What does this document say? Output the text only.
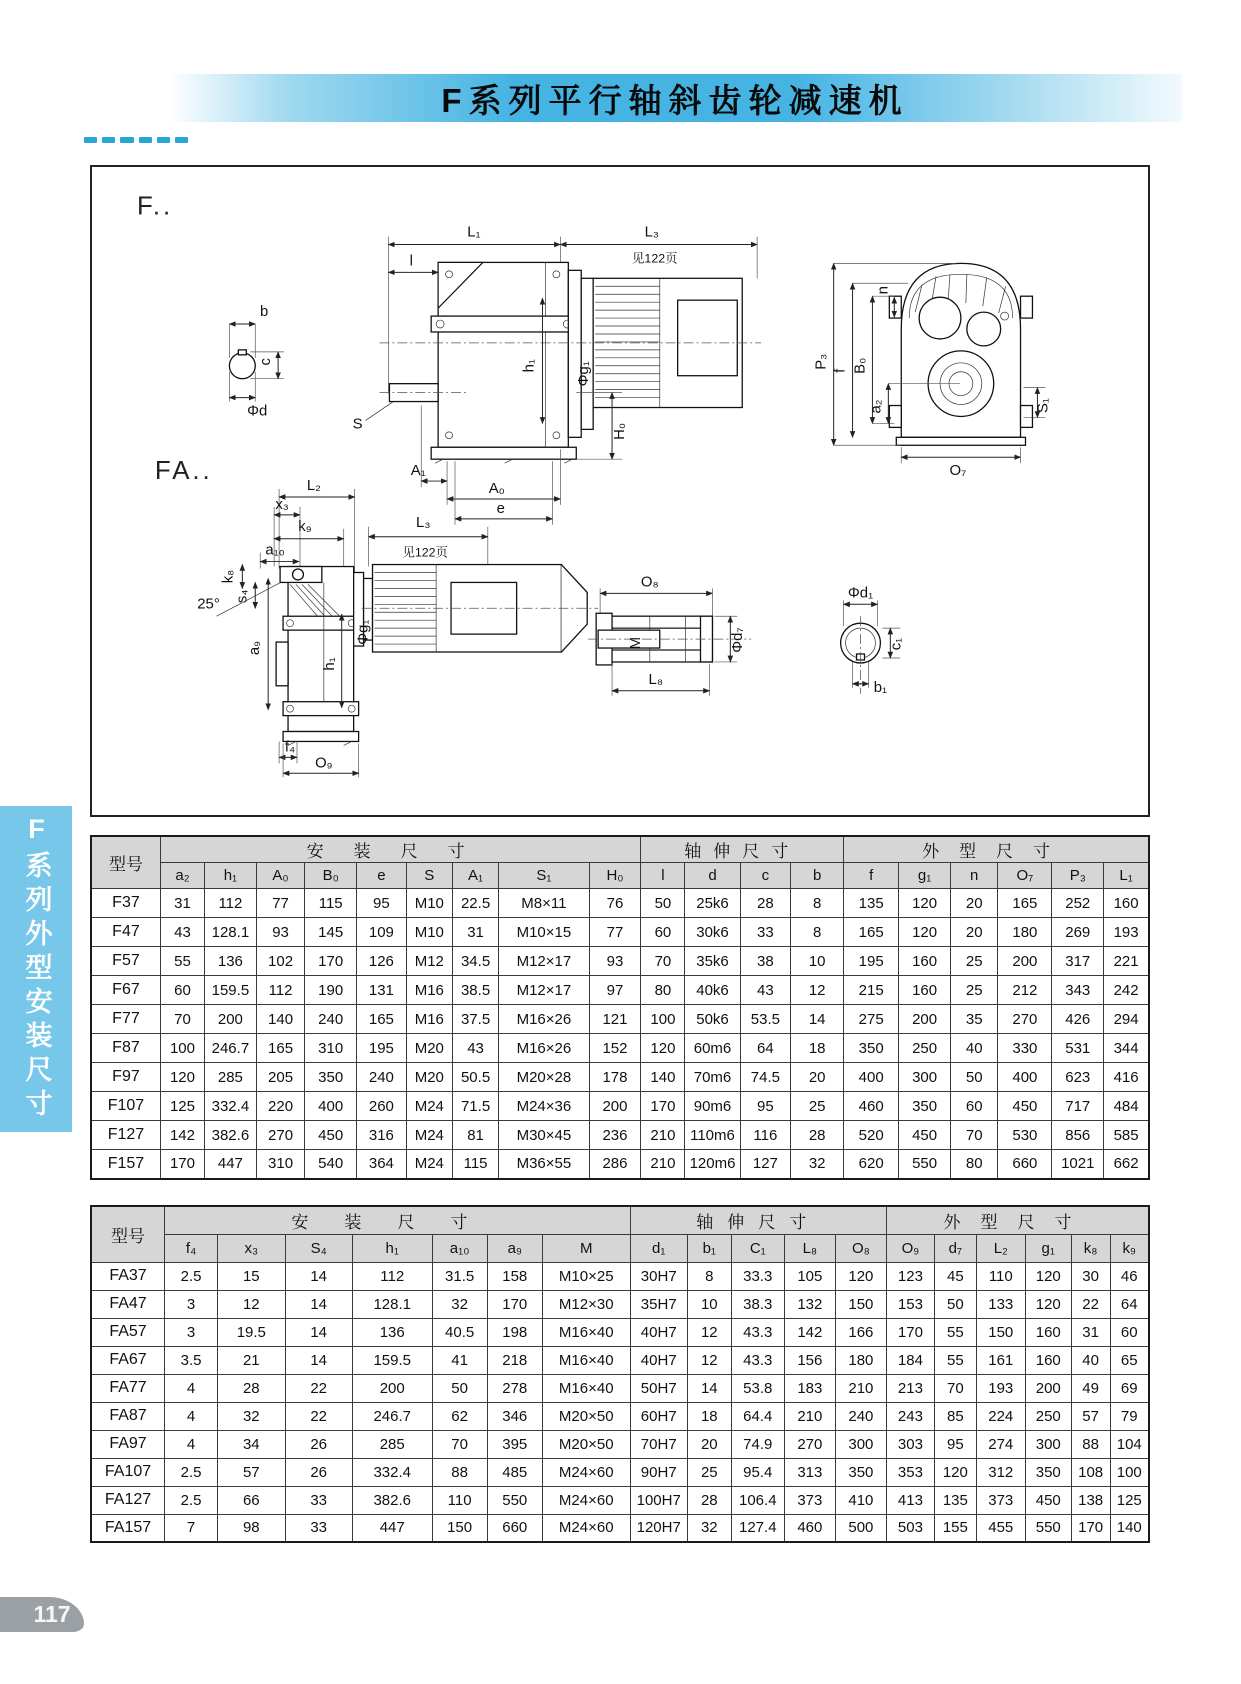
F系列平行轴斜齿轮减速机
F..
b
c
Φd
L₁	L₃
见122页
l
Φg₁
h₁
S	H₀
A₁
A₀
e
P₃
f B₀
a₂
n
S₁
O₇
FA..
L₂
x₃
k₉	L₃
见122页
a₁₀
k₈
s₄
25°
a₉
Φg₁
h₁
f₄
O₉
O₈
M	Φd₇
L₈
Φd₁
c₁
b₁
型号	安装尺寸									轴伸尺寸				外型尺寸					
	a₂	h₁	A₀	B₀	e	S	A₁	S₁	H₀	l	d	c	b	f	g₁	n	O₇	P₃	L₁
F37	31	112	77	115	95	M10	22.5	M8×11	76	50	25k6	28	8	135	120	20	165	252	160
F47	43	128.1	93	145	109	M10	31	M10×15	77	60	30k6	33	8	165	120	20	180	269	193
F57	55	136	102	170	126	M12	34.5	M12×17	93	70	35k6	38	10	195	160	25	200	317	221
F67	60	159.5	112	190	131	M16	38.5	M12×17	97	80	40k6	43	12	215	160	25	212	343	242
F77	70	200	140	240	165	M16	37.5	M16×26	121	100	50k6	53.5	14	275	200	35	270	426	294
F87	100	246.7	165	310	195	M20	43	M16×26	152	120	60m6	64	18	350	250	40	330	531	344
F97	120	285	205	350	240	M20	50.5	M20×28	178	140	70m6	74.5	20	400	300	50	400	623	416
F107	125	332.4	220	400	260	M24	71.5	M24×36	200	170	90m6	95	25	460	350	60	450	717	484
F127	142	382.6	270	450	316	M24	81	M30×45	236	210	110m6	116	28	520	450	70	530	856	585
F157	170	447	310	540	364	M24	115	M36×55	286	210	120m6	127	32	620	550	80	660	1021	662
型号	安装尺寸							轴伸尺寸					外型尺寸					
	f₄	x₃	S₄	h₁	a₁₀	a₉	M	d₁	b₁	C₁	L₈	O₈	O₉	d₇	L₂	g₁	k₈	k₉
FA37	2.5	15	14	112	31.5	158	M10×25	30H7	8	33.3	105	120	123	45	110	120	30	46
FA47	3	12	14	128.1	32	170	M12×30	35H7	10	38.3	132	150	153	50	133	120	22	64
FA57	3	19.5	14	136	40.5	198	M16×40	40H7	12	43.3	142	166	170	55	150	160	31	60
FA67	3.5	21	14	159.5	41	218	M16×40	40H7	12	43.3	156	180	184	55	161	160	40	65
FA77	4	28	22	200	50	278	M16×40	50H7	14	53.8	183	210	213	70	193	200	49	69
FA87	4	32	22	246.7	62	346	M20×50	60H7	18	64.4	210	240	243	85	224	250	57	79
FA97	4	34	26	285	70	395	M20×50	70H7	20	74.9	270	300	303	95	274	300	88	104
FA107	2.5	57	26	332.4	88	485	M24×60	90H7	25	95.4	313	350	353	120	312	350	108	100
FA127	2.5	66	33	382.6	110	550	M24×60	100H7	28	106.4	373	410	413	135	373	450	138	125
FA157	7	98	33	447	150	660	M24×60	120H7	32	127.4	460	500	503	155	455	550	170	140
F系列外型安装尺寸
117
